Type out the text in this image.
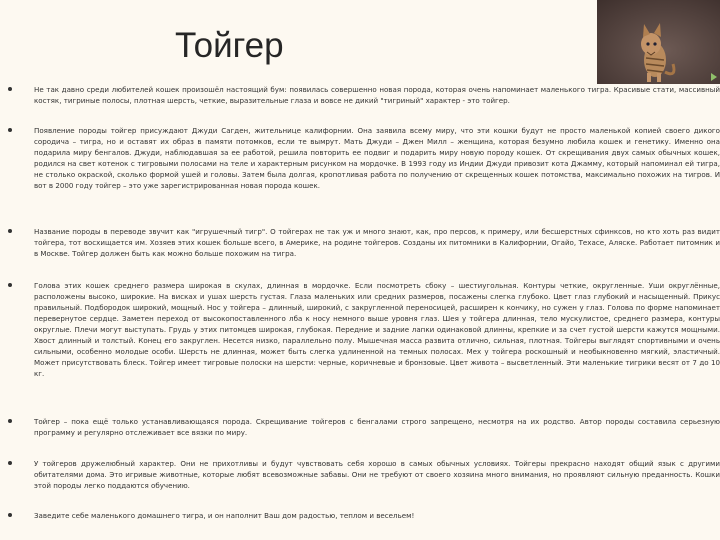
Тойгер
Не так давно среди любителей кошек произошёл настоящий бум: появилась совершенно новая порода, которая очень напоминает маленького тигра. Красивые стати, массивный костяк, тигриные полосы, плотная шерсть, четкие, выразительные глаза и вовсе не дикий "тигриный" характер - это тойгер.
Появление породы тойгер присуждают Джуди Сагден, жительнице калифорнии. Она заявила всему миру, что эти кошки будут не просто маленькой копией своего дикого сородича – тигра, но и оставят их образ в памяти потомков, если те вымрут. Мать Джуди – Джен Милл – женщина, которая безумно любила кошек и генетику. Именно она подарила миру бенгалов. Джуди, наблюдавшая за ее работой, решила повторить ее подвиг и подарить миру новую породу кошек. От скрещивания двух самых обычных кошек, родился на свет котенок с тигровыми полосами на теле и характерным рисунком на мордочке. В 1993 году из Индии Джуди привозит кота Джамму, который напоминал ей тигра, не столько окраской, сколько формой ушей и головы. Затем была долгая, кропотливая работа по получению от скрещенных кошек потомства, максимально похожих на тигров. И вот в 2000 году тойгер – это уже зарегистрированная новая порода кошек.
Название породы в переводе звучит как "игрушечный тигр". О тойгерах не так уж и много знают, как, про персов, к примеру, или бесшерстных сфинксов, но кто хоть раз видит тойгера, тот восхищается им. Хозяев этих кошек больше всего, в Америке, на родине тойгеров. Созданы их питомники в Калифорнии, Огайо, Техасе, Аляске. Работает питомник и в Москве. Тойгер должен быть как можно больше похожим на тигра.
Голова этих кошек среднего размера широкая в скулах, длинная в мордочке. Если посмотреть сбоку – шестиугольная. Контуры четкие, округленные. Уши округлённые, расположены высоко, широкие. На висках и ушах шерсть густая. Глаза маленьких или средних размеров, посажены слегка глубоко. Цвет глаз глубокий и насыщенный. Прикус правильный. Подбородок широкий, мощный. Нос у тойгера – длинный, широкий, с закругленной переносицей, расширен к кончику, но сужен у глаз. Голова по форме напоминает перевернутое сердце. Заметен переход от высокопоставленного лба к носу немного выше уровня глаз. Шея у тойгера длинная, тело мускулистое, среднего размера, контуры округлые. Плечи могут выступать. Грудь у этих питомцев широкая, глубокая. Передние и задние лапки одинаковой длинны, крепкие и за счет густой шерсти кажутся мощными. Хвост длинный и толстый. Конец его закруглен. Несется низко, параллельно полу. Мышечная масса развита отлично, сильная, плотная. Тойгеры выглядят спортивными и очень сильными, особенно молодые особи. Шерсть не длинная, может быть слегка удлиненной на темных полосах. Мех у тойгера роскошный и необыкновенно мягкий, эластичный. Может присутствовать блеск. Тойгер имеет тигровые полоски на шерсти: черные, коричневые и бронзовые. Цвет живота – высветленный. Эти маленькие тигрики весят от 7 до 10 кг.
Тойгер – пока ещё только устанавливающаяся порода. Скрещивание тойгеров с бенгалами строго запрещено, несмотря на их родство. Автор породы составила серьезную программу и регулярно отслеживает все вязки по миру.
У тойгеров дружелюбный характер. Они не прихотливы и будут чувствовать себя хорошо в самых обычных условиях. Тойгеры прекрасно находят общий язык с другими обитателями дома. Это игривые животные, которые любят всевозможные забавы. Они не требуют от своего хозяина много внимания, но проявляют сильную преданность. Кошки этой породы легко поддаются обучению.
Заведите себе маленького домашнего тигра, и он наполнит Ваш дом радостью, теплом и весельем!
